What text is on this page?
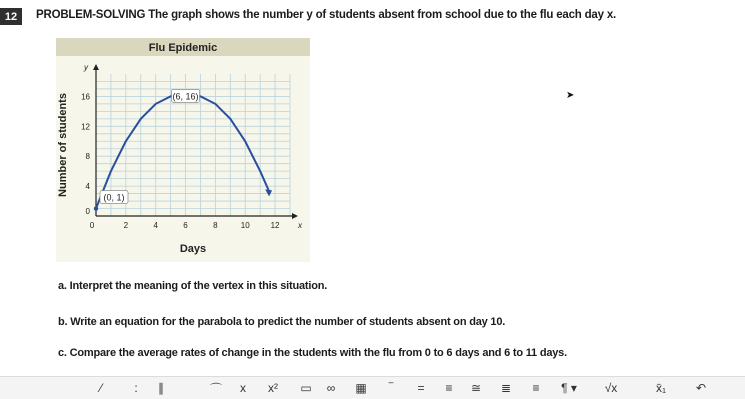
12	PROBLEM-SOLVING The graph shows the number y of students absent from school due to the flu each day x.
Flu Epidemic
2	4	6	8	10	12
0
4
8
12
16
0
x
y
Days
Number of students	(6, 16)
(0, 1)
a. Interpret the meaning of the vertex in this situation.
b. Write an equation for the parabola to predict the number of students absent on day 10.
c. Compare the average rates of change in the students with the flu from 0 to 6 days and 6 to 11 days.
➤
⁄	:	∥	⌒	x	x²	▭	∞	▦	‾	=	≡	≅	≣	≡	¶ ▾	√x	x̄₁	↶
